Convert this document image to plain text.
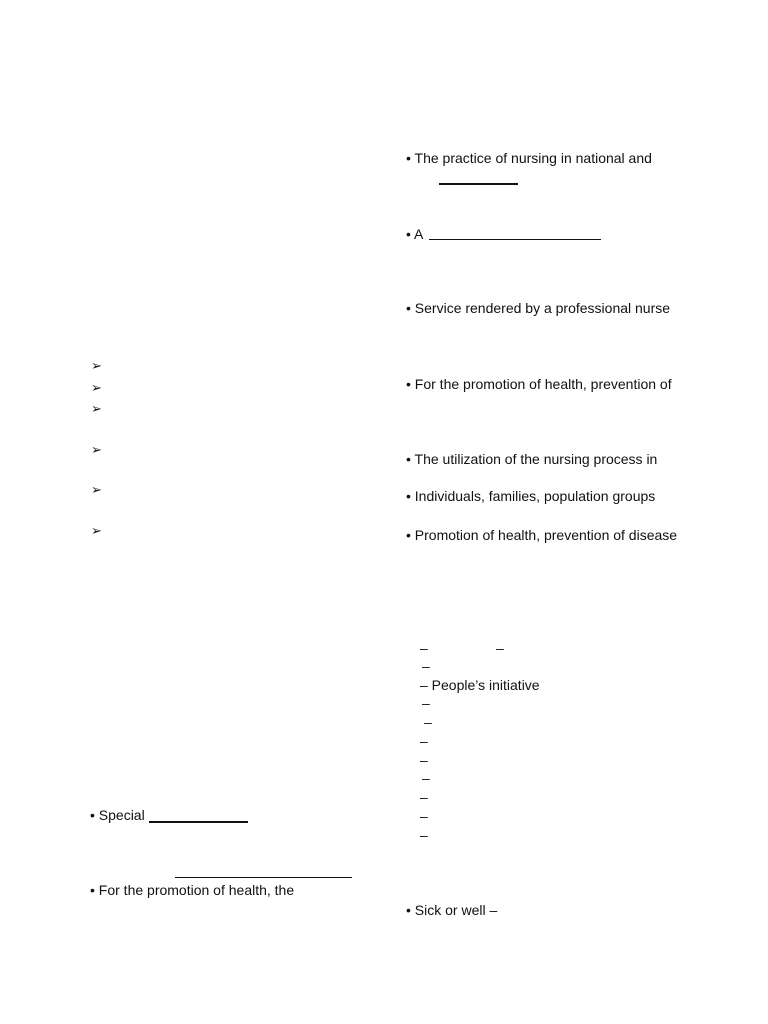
• The practice of nursing in national and
• A
• Service rendered by a professional nurse
• For the promotion of health, prevention of
• The utilization of the nursing process in
• Individuals, families, population groups
• Promotion of health, prevention of disease
–	–
–
– People’s initiative
–
–
–
–
–
–
–
–
• Sick or well –
➢
➢
➢
➢
➢
➢
• Special
• For the promotion of health, the
